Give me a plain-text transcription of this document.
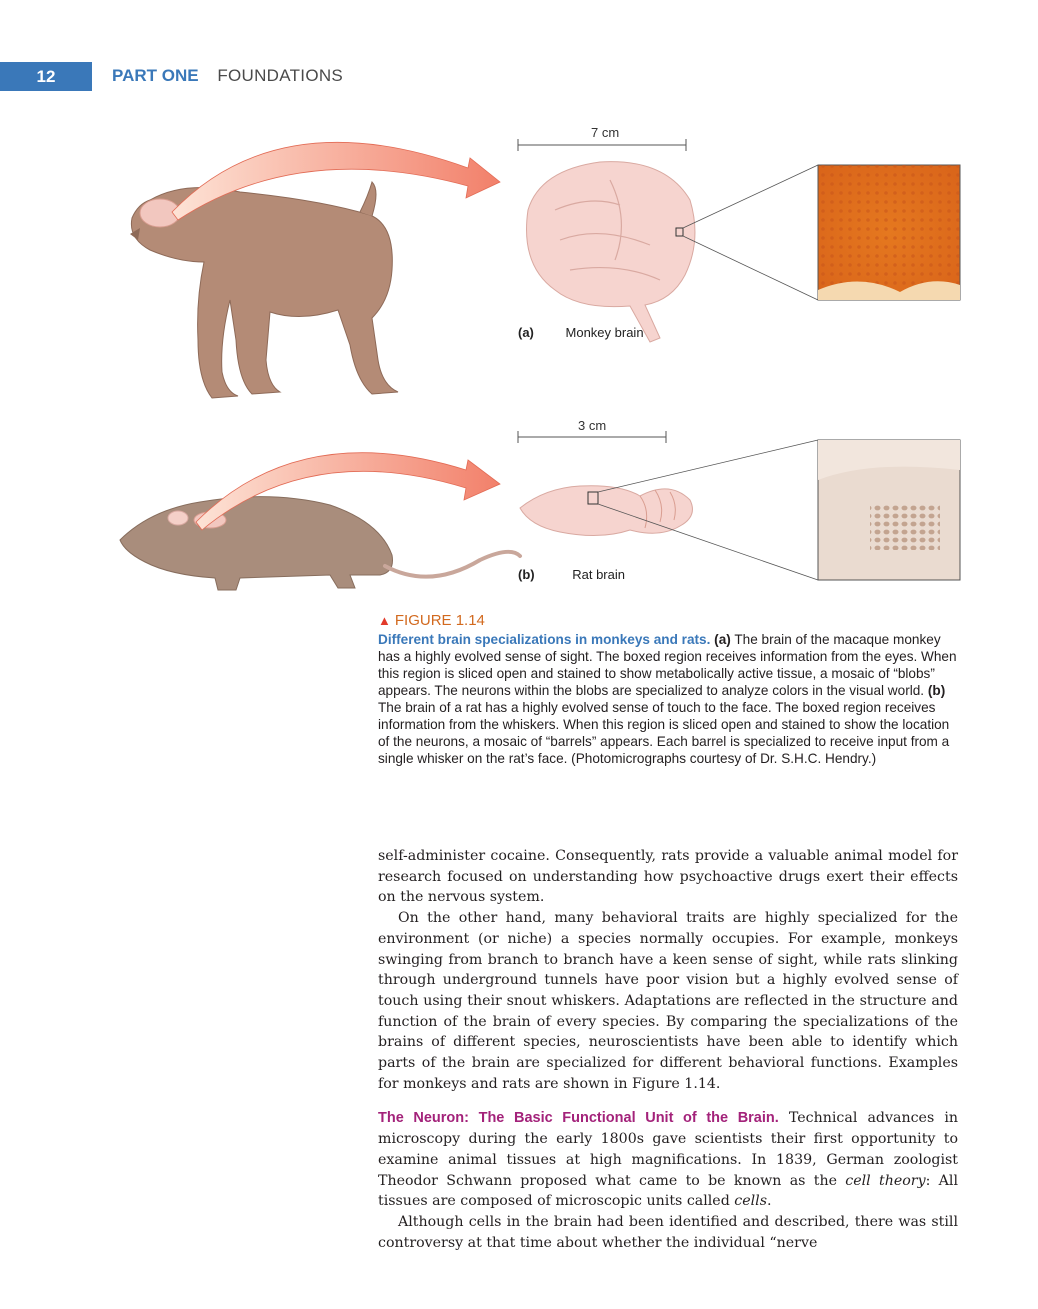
12	PART ONE FOUNDATIONS
7 cm
(a) Monkey brain
3 cm
(b)	Rat brain
▲ FIGURE 1.14
Different brain specializations in monkeys and rats. (a) The brain of the macaque monkey has a highly evolved sense of sight. The boxed region receives information from the eyes. When this region is sliced open and stained to show metabolically active tissue, a mosaic of “blobs” appears. The neurons within the blobs are specialized to analyze colors in the visual world. (b) The brain of a rat has a highly evolved sense of touch to the face. The boxed region receives information from the whiskers. When this region is sliced open and stained to show the location of the neurons, a mosaic of “barrels” appears. Each barrel is specialized to receive input from a single whisker on the rat’s face. (Photomicrographs courtesy of Dr. S.H.C. Hendry.)

self-administer cocaine. Consequently, rats provide a valuable animal model for research focused on understanding how psychoactive drugs exert their effects on the nervous system.

On the other hand, many behavioral traits are highly specialized for the environment (or niche) a species normally occupies. For example, monkeys swinging from branch to branch have a keen sense of sight, while rats slinking through underground tunnels have poor vision but a highly evolved sense of touch using their snout whiskers. Adaptations are reflected in the structure and function of the brain of every species. By comparing the specializations of the brains of different species, neuroscientists have been able to identify which parts of the brain are specialized for different behavioral functions. Examples for monkeys and rats are shown in Figure 1.14.

The Neuron: The Basic Functional Unit of the Brain. Technical advances in microscopy during the early 1800s gave scientists their first opportunity to examine animal tissues at high magnifications. In 1839, German zoologist Theodor Schwann proposed what came to be known as the cell theory: All tissues are composed of microscopic units called cells.

Although cells in the brain had been identified and described, there was still controversy at that time about whether the individual “nerve
